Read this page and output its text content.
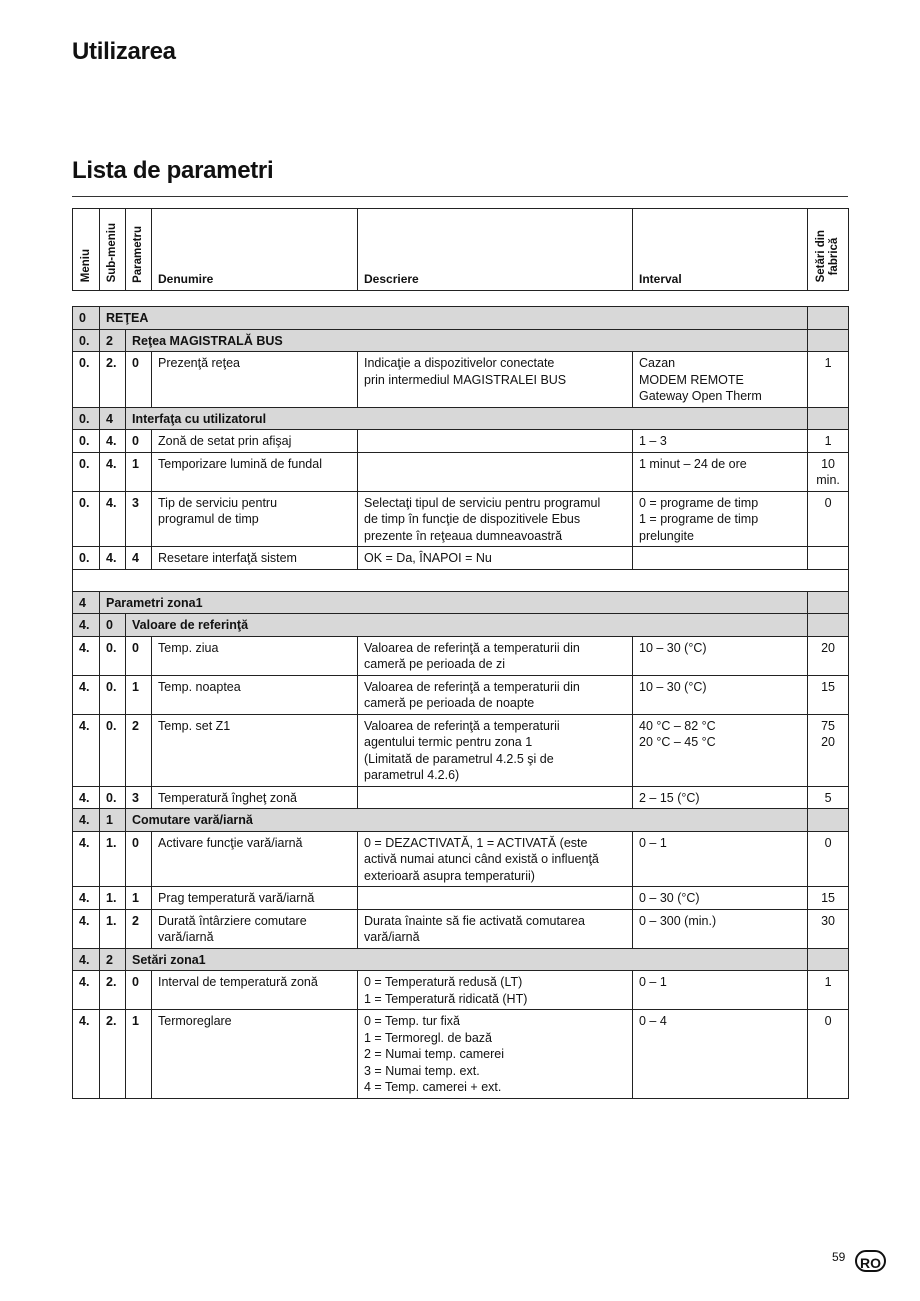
Utilizarea
Lista de parametri
Meniu	Sub-meniu	Parametru	Denumire	Descriere	Interval	Setări din
fabrică
0	REŢEA					
0.	2	Reţea MAGISTRALĂ BUS				
0.	2.	0	Prezenţă reţea	Indicaţie a dispozitivelor conectate
prin intermediul MAGISTRALEI BUS	Cazan
MODEM REMOTE
Gateway Open Therm	1
0.	4	Interfaţa cu utilizatorul				
0.	4.	0	Zonă de setat prin afişaj		1 – 3	1
0.	4.	1	Temporizare lumină de fundal		1 minut – 24 de ore	10
min.
0.	4.	3	Tip de serviciu pentru
programul de timp	Selectaţi tipul de serviciu pentru programul
de timp în funcţie de dispozitivele Ebus
prezente în reţeaua dumneavoastră	0 = programe de timp
1 = programe de timp
prelungite	0
0.	4.	4	Resetare interfaţă sistem	OK = Da, ÎNAPOI = Nu		

4	Parametri zona1					
4.	0	Valoare de referinţă				
4.	0.	0	Temp. ziua	Valoarea de referinţă a temperaturii din
cameră pe perioada de zi	10 – 30 (°C)	20
4.	0.	1	Temp. noaptea	Valoarea de referinţă a temperaturii din
cameră pe perioada de noapte	10 – 30 (°C)	15
4.	0.	2	Temp. set Z1	Valoarea de referinţă a temperaturii
agentului termic pentru zona 1
(Limitată de parametrul 4.2.5 şi de
parametrul 4.2.6)	40 °C – 82 °C
20 °C – 45 °C	75
20
4.	0.	3	Temperatură îngheţ zonă		2 – 15 (°C)	5
4.	1	Comutare vară/iarnă				
4.	1.	0	Activare funcţie vară/iarnă	0 = DEZACTIVATĂ, 1 = ACTIVATĂ (este
activă numai atunci când există o influenţă
exterioară asupra temperaturii)	0 – 1	0
4.	1.	1	Prag temperatură vară/iarnă		0 – 30 (°C)	15
4.	1.	2	Durată întârziere comutare
vară/iarnă	Durata înainte să fie activată comutarea
vară/iarnă	0 – 300 (min.)	30
4.	2	Setări zona1				
4.	2.	0	Interval de temperatură zonă	0 = Temperatură redusă (LT)
1 = Temperatură ridicată (HT)	0 – 1	1
4.	2.	1	Termoreglare	0 = Temp. tur fixă
1 = Termoregl. de bază
2 = Numai temp. camerei
3 = Numai temp. ext.
4 = Temp. camerei + ext.	0 – 4	0
59	RO
